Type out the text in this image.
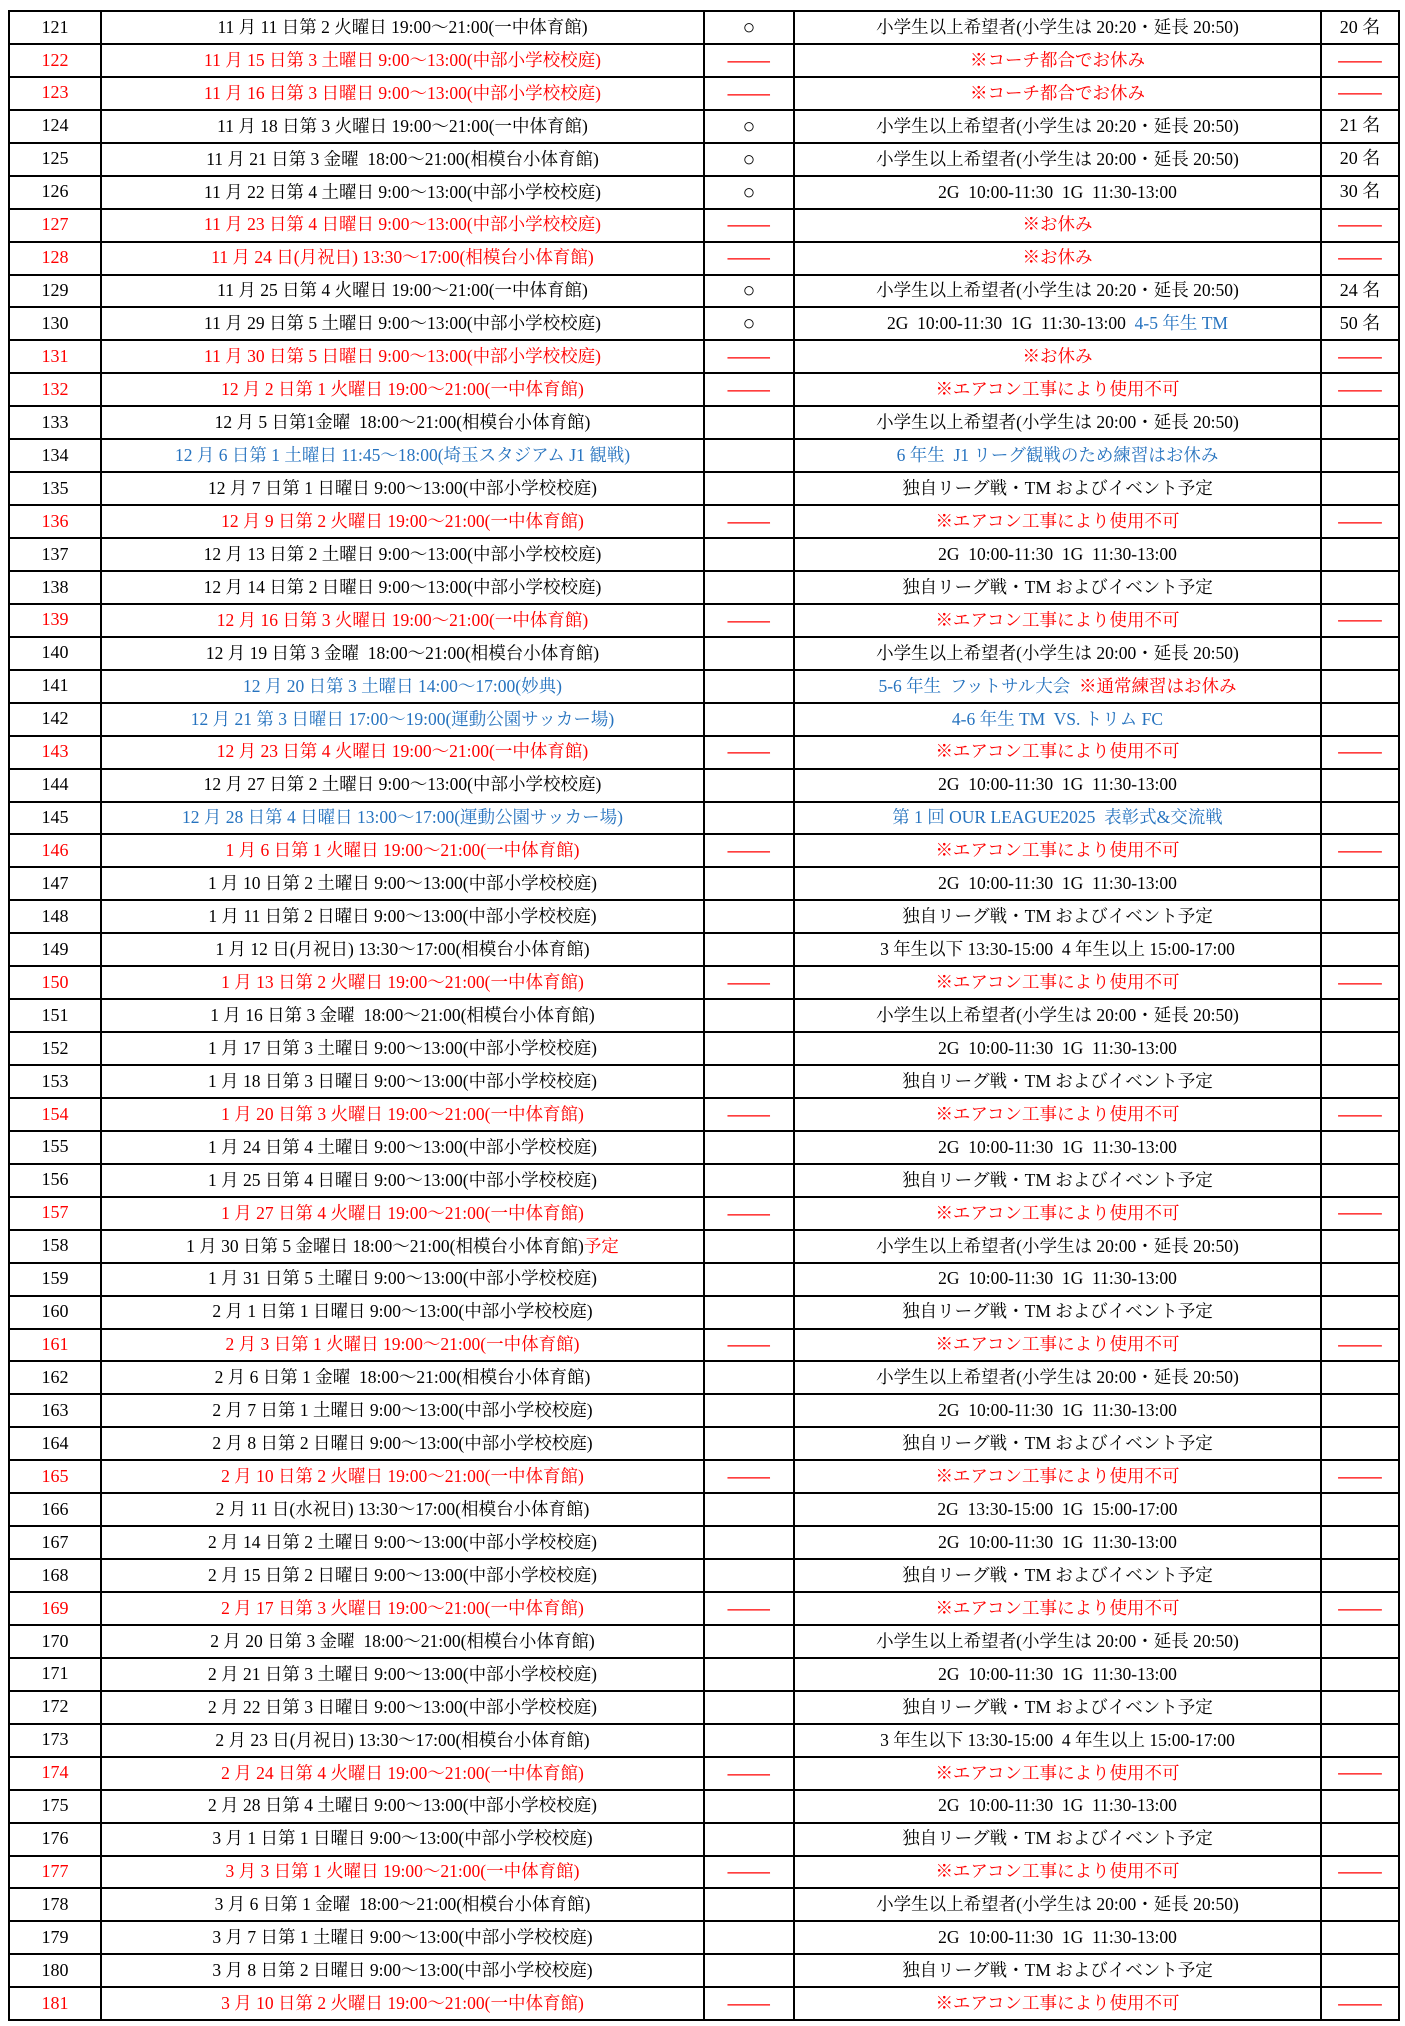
121	11 月 11 日第 2 火曜日 19:00〜21:00(一中体育館)	○	小学生以上希望者(小学生は 20:20・延長 20:50)	20 名
122	11 月 15 日第 3 土曜日 9:00〜13:00(中部小学校校庭)	—	※コーチ都合でお休み	—
123	11 月 16 日第 3 日曜日 9:00〜13:00(中部小学校校庭)	—	※コーチ都合でお休み	—
124	11 月 18 日第 3 火曜日 19:00〜21:00(一中体育館)	○	小学生以上希望者(小学生は 20:20・延長 20:50)	21 名
125	11 月 21 日第 3 金曜  18:00〜21:00(相模台小体育館)	○	小学生以上希望者(小学生は 20:00・延長 20:50)	20 名
126	11 月 22 日第 4 土曜日 9:00〜13:00(中部小学校校庭)	○	2G  10:00-11:30  1G  11:30-13:00	30 名
127	11 月 23 日第 4 日曜日 9:00〜13:00(中部小学校校庭)	—	※お休み	—
128	11 月 24 日(月祝日) 13:30〜17:00(相模台小体育館)	—	※お休み	—
129	11 月 25 日第 4 火曜日 19:00〜21:00(一中体育館)	○	小学生以上希望者(小学生は 20:20・延長 20:50)	24 名
130	11 月 29 日第 5 土曜日 9:00〜13:00(中部小学校校庭)	○	2G  10:00-11:30  1G  11:30-13:00  4-5 年生 TM	50 名
131	11 月 30 日第 5 日曜日 9:00〜13:00(中部小学校校庭)	—	※お休み	—
132	12 月 2 日第 1 火曜日 19:00〜21:00(一中体育館)	—	※エアコン工事により使用不可	—
133	12 月 5 日第1金曜  18:00〜21:00(相模台小体育館)		小学生以上希望者(小学生は 20:00・延長 20:50)	
134	12 月 6 日第 1 土曜日 11:45〜18:00(埼玉スタジアム J1 観戦)		6 年生  J1 リーグ観戦のため練習はお休み	
135	12 月 7 日第 1 日曜日 9:00〜13:00(中部小学校校庭)		独自リーグ戦・TM およびイベント予定	
136	12 月 9 日第 2 火曜日 19:00〜21:00(一中体育館)	—	※エアコン工事により使用不可	—
137	12 月 13 日第 2 土曜日 9:00〜13:00(中部小学校校庭)		2G  10:00-11:30  1G  11:30-13:00	
138	12 月 14 日第 2 日曜日 9:00〜13:00(中部小学校校庭)		独自リーグ戦・TM およびイベント予定	
139	12 月 16 日第 3 火曜日 19:00〜21:00(一中体育館)	—	※エアコン工事により使用不可	—
140	12 月 19 日第 3 金曜  18:00〜21:00(相模台小体育館)		小学生以上希望者(小学生は 20:00・延長 20:50)	
141	12 月 20 日第 3 土曜日 14:00〜17:00(妙典)		5-6 年生  フットサル大会  ※通常練習はお休み	
142	12 月 21 第 3 日曜日 17:00〜19:00(運動公園サッカー場)		4-6 年生 TM  VS. トリム FC	
143	12 月 23 日第 4 火曜日 19:00〜21:00(一中体育館)	—	※エアコン工事により使用不可	—
144	12 月 27 日第 2 土曜日 9:00〜13:00(中部小学校校庭)		2G  10:00-11:30  1G  11:30-13:00	
145	12 月 28 日第 4 日曜日 13:00〜17:00(運動公園サッカー場)		第 1 回 OUR LEAGUE2025  表彰式&交流戦	
146	1 月 6 日第 1 火曜日 19:00〜21:00(一中体育館)	—	※エアコン工事により使用不可	—
147	1 月 10 日第 2 土曜日 9:00〜13:00(中部小学校校庭)		2G  10:00-11:30  1G  11:30-13:00	
148	1 月 11 日第 2 日曜日 9:00〜13:00(中部小学校校庭)		独自リーグ戦・TM およびイベント予定	
149	1 月 12 日(月祝日) 13:30〜17:00(相模台小体育館)		3 年生以下 13:30-15:00  4 年生以上 15:00-17:00	
150	1 月 13 日第 2 火曜日 19:00〜21:00(一中体育館)	—	※エアコン工事により使用不可	—
151	1 月 16 日第 3 金曜  18:00〜21:00(相模台小体育館)		小学生以上希望者(小学生は 20:00・延長 20:50)	
152	1 月 17 日第 3 土曜日 9:00〜13:00(中部小学校校庭)		2G  10:00-11:30  1G  11:30-13:00	
153	1 月 18 日第 3 日曜日 9:00〜13:00(中部小学校校庭)		独自リーグ戦・TM およびイベント予定	
154	1 月 20 日第 3 火曜日 19:00〜21:00(一中体育館)	—	※エアコン工事により使用不可	—
155	1 月 24 日第 4 土曜日 9:00〜13:00(中部小学校校庭)		2G  10:00-11:30  1G  11:30-13:00	
156	1 月 25 日第 4 日曜日 9:00〜13:00(中部小学校校庭)		独自リーグ戦・TM およびイベント予定	
157	1 月 27 日第 4 火曜日 19:00〜21:00(一中体育館)	—	※エアコン工事により使用不可	—
158	1 月 30 日第 5 金曜日 18:00〜21:00(相模台小体育館)予定		小学生以上希望者(小学生は 20:00・延長 20:50)	
159	1 月 31 日第 5 土曜日 9:00〜13:00(中部小学校校庭)		2G  10:00-11:30  1G  11:30-13:00	
160	2 月 1 日第 1 日曜日 9:00〜13:00(中部小学校校庭)		独自リーグ戦・TM およびイベント予定	
161	2 月 3 日第 1 火曜日 19:00〜21:00(一中体育館)	—	※エアコン工事により使用不可	—
162	2 月 6 日第 1 金曜  18:00〜21:00(相模台小体育館)		小学生以上希望者(小学生は 20:00・延長 20:50)	
163	2 月 7 日第 1 土曜日 9:00〜13:00(中部小学校校庭)		2G  10:00-11:30  1G  11:30-13:00	
164	2 月 8 日第 2 日曜日 9:00〜13:00(中部小学校校庭)		独自リーグ戦・TM およびイベント予定	
165	2 月 10 日第 2 火曜日 19:00〜21:00(一中体育館)	—	※エアコン工事により使用不可	—
166	2 月 11 日(水祝日) 13:30〜17:00(相模台小体育館)		2G  13:30-15:00  1G  15:00-17:00	
167	2 月 14 日第 2 土曜日 9:00〜13:00(中部小学校校庭)		2G  10:00-11:30  1G  11:30-13:00	
168	2 月 15 日第 2 日曜日 9:00〜13:00(中部小学校校庭)		独自リーグ戦・TM およびイベント予定	
169	2 月 17 日第 3 火曜日 19:00〜21:00(一中体育館)	—	※エアコン工事により使用不可	—
170	2 月 20 日第 3 金曜  18:00〜21:00(相模台小体育館)		小学生以上希望者(小学生は 20:00・延長 20:50)	
171	2 月 21 日第 3 土曜日 9:00〜13:00(中部小学校校庭)		2G  10:00-11:30  1G  11:30-13:00	
172	2 月 22 日第 3 日曜日 9:00〜13:00(中部小学校校庭)		独自リーグ戦・TM およびイベント予定	
173	2 月 23 日(月祝日) 13:30〜17:00(相模台小体育館)		3 年生以下 13:30-15:00  4 年生以上 15:00-17:00	
174	2 月 24 日第 4 火曜日 19:00〜21:00(一中体育館)	—	※エアコン工事により使用不可	—
175	2 月 28 日第 4 土曜日 9:00〜13:00(中部小学校校庭)		2G  10:00-11:30  1G  11:30-13:00	
176	3 月 1 日第 1 日曜日 9:00〜13:00(中部小学校校庭)		独自リーグ戦・TM およびイベント予定	
177	3 月 3 日第 1 火曜日 19:00〜21:00(一中体育館)	—	※エアコン工事により使用不可	—
178	3 月 6 日第 1 金曜  18:00〜21:00(相模台小体育館)		小学生以上希望者(小学生は 20:00・延長 20:50)	
179	3 月 7 日第 1 土曜日 9:00〜13:00(中部小学校校庭)		2G  10:00-11:30  1G  11:30-13:00	
180	3 月 8 日第 2 日曜日 9:00〜13:00(中部小学校校庭)		独自リーグ戦・TM およびイベント予定	
181	3 月 10 日第 2 火曜日 19:00〜21:00(一中体育館)	—	※エアコン工事により使用不可	—
